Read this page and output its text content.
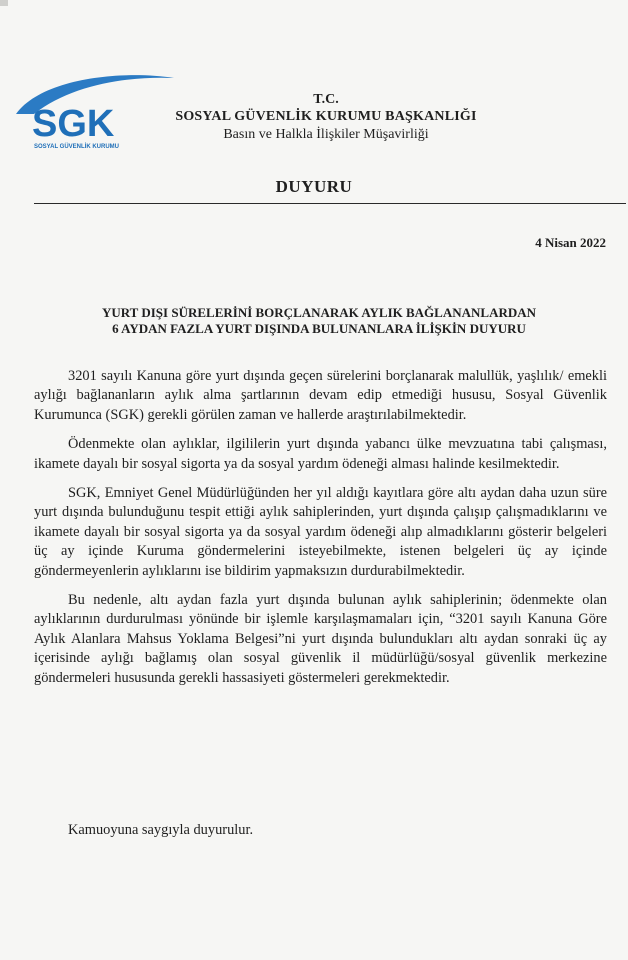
SGK
SOSYAL GÜVENLİK KURUMU
T.C.
SOSYAL GÜVENLİK KURUMU BAŞKANLIĞI
Basın ve Halkla İlişkiler Müşavirliği
DUYURU
4 Nisan 2022
YURT DIŞI SÜRELERİNİ BORÇLANARAK AYLIK BAĞLANANLARDAN
6 AYDAN FAZLA YURT DIŞINDA BULUNANLARA İLİŞKİN DUYURU

3201 sayılı Kanuna göre yurt dışında geçen sürelerini borçlanarak malullük, yaşlılık/ emekli aylığı bağlananların aylık alma şartlarının devam edip etmediği hususu, Sosyal Güvenlik Kurumunca (SGK) gerekli görülen zaman ve hallerde araştırılabilmektedir.

Ödenmekte olan aylıklar, ilgililerin yurt dışında yabancı ülke mevzuatına tabi çalışması, ikamete dayalı bir sosyal sigorta ya da sosyal yardım ödeneği alması halinde kesilmektedir.

SGK, Emniyet Genel Müdürlüğünden her yıl aldığı kayıtlara göre altı aydan daha uzun süre yurt dışında bulunduğunu tespit ettiği aylık sahiplerinden, yurt dışında çalışıp çalışmadıklarını ve ikamete dayalı bir sosyal sigorta ya da sosyal yardım ödeneği alıp almadıklarını gösterir belgeleri üç ay içinde Kuruma göndermelerini isteyebilmekte, istenen belgeleri üç ay içinde göndermeyenlerin aylıklarını ise bildirim yapmaksızın durdurabilmektedir.

Bu nedenle, altı aydan fazla yurt dışında bulunan aylık sahiplerinin; ödenmekte olan aylıklarının durdurulması yönünde bir işlemle karşılaşmamaları için, “3201 sayılı Kanuna Göre Aylık Alanlara Mahsus Yoklama Belgesi”ni yurt dışında bulundukları altı aydan sonraki üç ay içerisinde aylığı bağlamış olan sosyal güvenlik il müdürlüğü/sosyal güvenlik merkezine göndermeleri hususunda gerekli hassasiyeti göstermeleri gerekmektedir.

Kamuoyuna saygıyla duyurulur.
